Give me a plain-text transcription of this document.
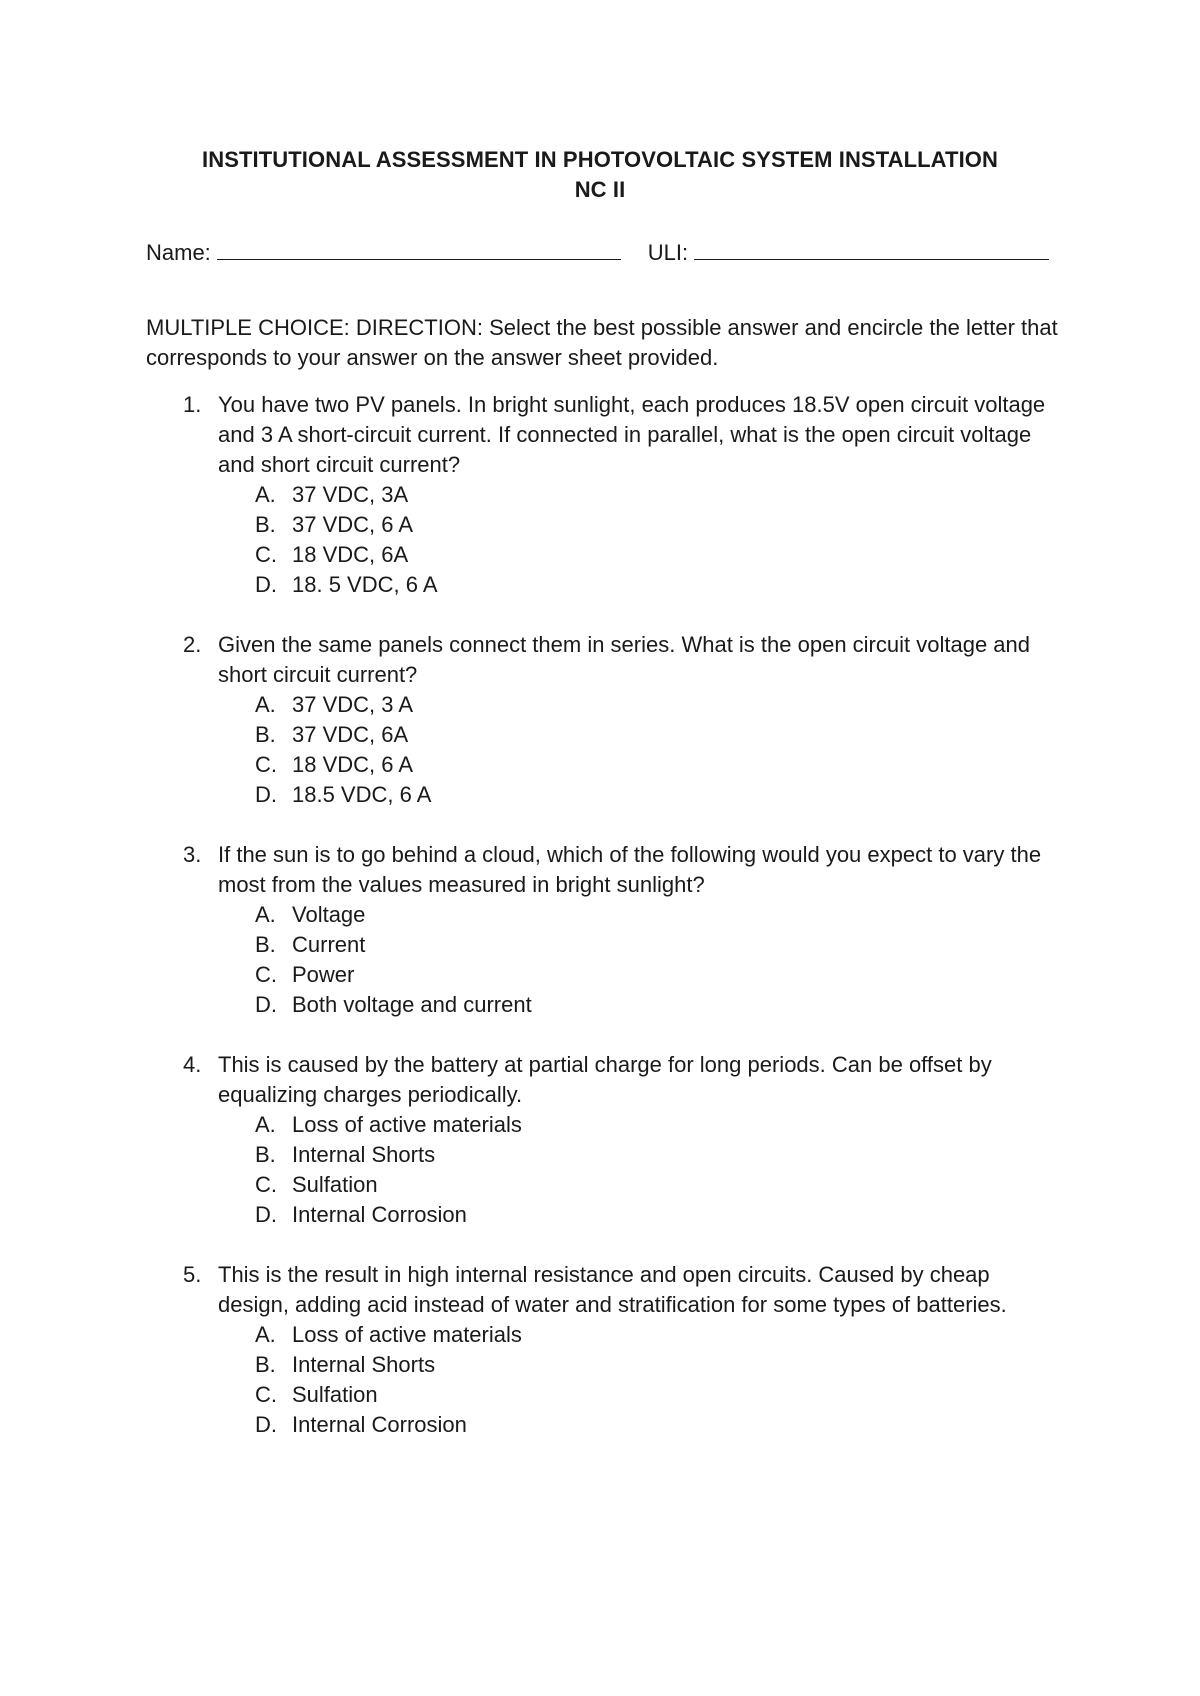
INSTITUTIONAL ASSESSMENT IN PHOTOVOLTAIC SYSTEM INSTALLATION
NC II
Name:	ULI:
MULTIPLE CHOICE: DIRECTION: Select the best possible answer and encircle the letter that corresponds to your answer on the answer sheet provided.
1. You have two PV panels. In bright sunlight, each produces 18.5V open circuit voltage and 3 A short-circuit current. If connected in parallel, what is the open circuit voltage and short circuit current?
A. 37 VDC, 3A
B. 37 VDC, 6 A
C. 18 VDC, 6A
D. 18. 5 VDC, 6 A
2. Given the same panels connect them in series. What is the open circuit voltage and short circuit current?
A. 37 VDC, 3 A
B. 37 VDC, 6A
C. 18 VDC, 6 A
D. 18.5 VDC, 6 A
3. If the sun is to go behind a cloud, which of the following would you expect to vary the most from the values measured in bright sunlight?
A. Voltage
B. Current
C. Power
D. Both voltage and current
4. This is caused by the battery at partial charge for long periods. Can be offset by equalizing charges periodically.
A. Loss of active materials
B. Internal Shorts
C. Sulfation
D. Internal Corrosion
5. This is the result in high internal resistance and open circuits. Caused by cheap design, adding acid instead of water and stratification for some types of batteries.
A. Loss of active materials
B. Internal Shorts
C. Sulfation
D. Internal Corrosion
